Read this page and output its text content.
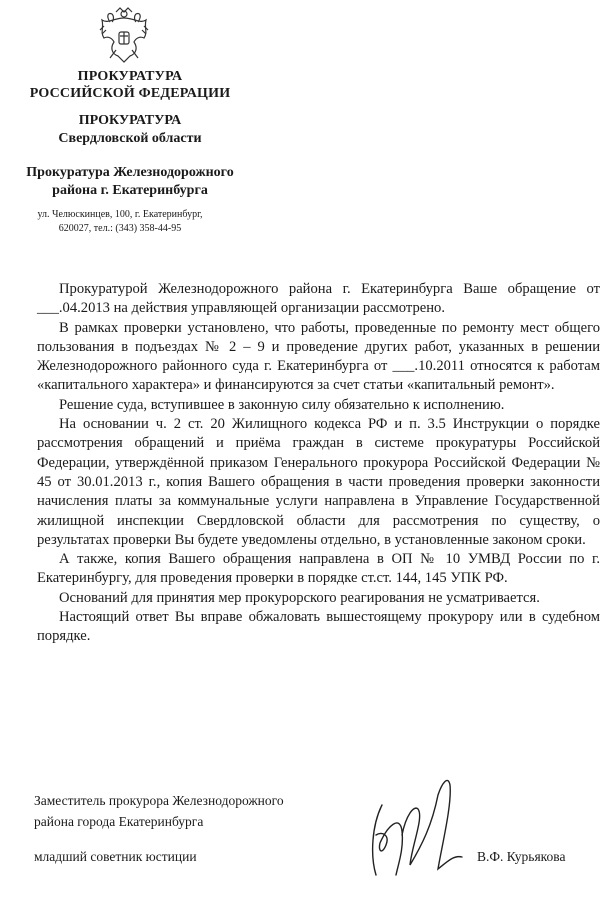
ПРОКУРАТУРА
РОССИЙСКОЙ ФЕДЕРАЦИИ
ПРОКУРАТУРА
Свердловской области
Прокуратура Железнодорожного
района г. Екатеринбурга
ул. Челюскинцев, 100, г. Екатеринбург,
620027, тел.: (343) 358-44-95

Прокуратурой Железнодорожного района г. Екатеринбурга Ваше обращение от ___.04.2013 на действия управляющей организации рассмотрено.

В рамках проверки установлено, что работы, проведенные по ремонту мест общего пользования в подъездах № 2 – 9 и проведение других работ, указанных в решении Железнодорожного районного суда г. Екатеринбурга от ___.10.2011 относятся к работам «капитального характера» и финансируются за счет статьи «капитальный ремонт».

Решение суда, вступившее в законную силу обязательно к исполнению.

На основании ч. 2 ст. 20 Жилищного кодекса РФ и п. 3.5 Инструкции о порядке рассмотрения обращений и приёма граждан в системе прокуратуры Российской Федерации, утверждённой приказом Генерального прокурора Российской Федерации № 45 от 30.01.2013 г., копия Вашего обращения в части проведения проверки законности начисления платы за коммунальные услуги направлена в Управление Государственной жилищной инспекции Свердловской области для рассмотрения по существу, о результатах проверки Вы будете уведомлены отдельно, в установленные законом сроки.

А также, копия Вашего обращения направлена в ОП № 10 УМВД России по г. Екатеринбургу, для проведения проверки в порядке ст.ст. 144, 145 УПК РФ.

Оснований для принятия мер прокурорского реагирования не усматривается.

Настоящий ответ Вы вправе обжаловать вышестоящему прокурору или в судебном порядке.

Заместитель прокурора Железнодорожного
района города Екатеринбурга
младший советник юстиции	В.Ф. Курьякова
